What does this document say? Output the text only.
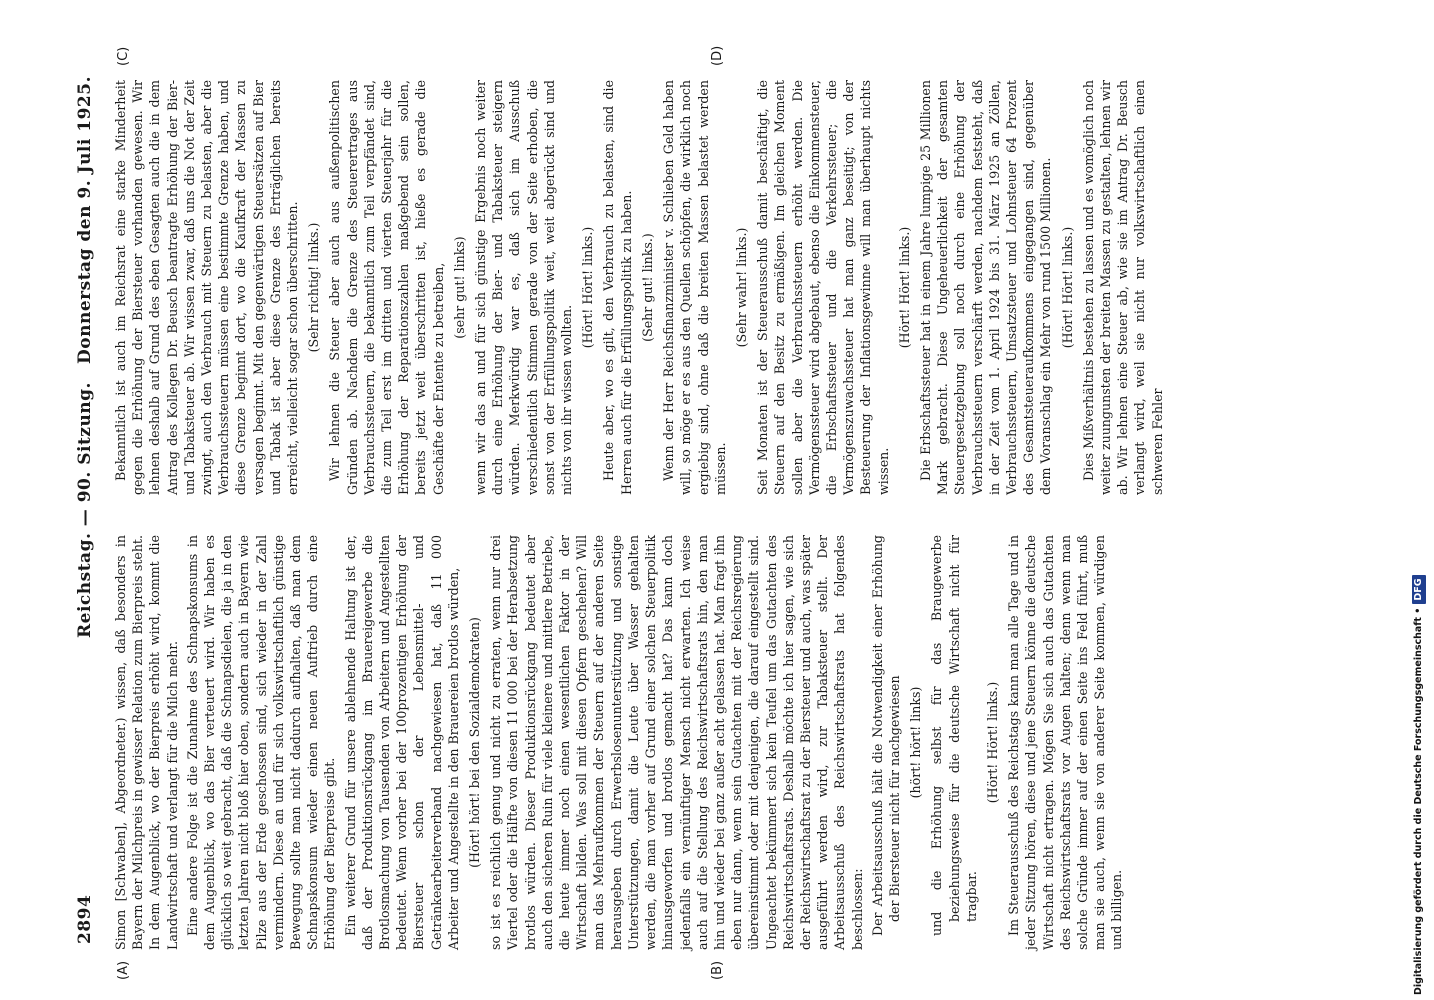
2894
Reichstag. — 90. Sitzung.
Donnerstag den 9. Juli 1925.
(A)	(B)
(C)	(D)

Simon [Schwaben], Abgeordneter.) wissen, daß besonders in Bayern der Milchpreis in gewisser Relation zum Bierpreis steht. In dem Augenblick, wo der Bierpreis erhöht wird, kommt die Landwirtschaft und verlangt für die Milch mehr. Eine andere Folge ist die Zunahme des Schnapskonsums in dem Augenblick, wo das Bier verteuert wird. Wir haben es glücklich so weit gebracht, daß die Schnapsdielen, die ja in den letzten Jahren nicht bloß hier oben, sondern auch in Bayern wie Pilze aus der Erde geschossen sind, sich wieder in der Zahl vermindern. Diese an und für sich volkswirtschaftlich günstige Bewegung sollte man nicht dadurch aufhalten, daß man dem Schnapskonsum wieder einen neuen Auftrieb durch eine Erhöhung der Bierpreise gibt. Ein weiterer Grund für unsere ablehnende Haltung ist der, daß der Produktionsrückgang im Brauereigewerbe die Brotlosmachung von Tausenden von Arbeitern und Angestellten bedeutet. Wenn vorher bei der 100prozentigen Erhöhung der Biersteuer schon der Lebensmittel- und Getränkearbeiterverband nachgewiesen hat, daß 11 000 Arbeiter und Angestellte in den Brauereien brotlos würden, (Hört! hört! bei den Sozialdemokraten) so ist es reichlich genug und nicht zu erraten, wenn nur drei Viertel oder die Hälfte von diesen 11 000 bei der Herabsetzung brotlos würden. Dieser Produktionsrückgang bedeutet aber auch den sicheren Ruin für viele kleinere und mittlere Betriebe, die heute immer noch einen wesentlichen Faktor in der Wirtschaft bilden. Was soll mit diesen Opfern geschehen? Will man das Mehraufkommen der Steuern auf der anderen Seite herausgeben durch Erwerbslosenunterstützung und sonstige Unterstützungen, damit die Leute über Wasser gehalten werden, die man vorher auf Grund einer solchen Steuerpolitik hinausgeworfen und brotlos gemacht hat? Das kann doch jedenfalls ein vernünftiger Mensch nicht erwarten. Ich weise auch auf die Stellung des Reichswirtschaftsrats hin, den man hin und wieder bei ganz außer acht gelassen hat. Man fragt ihn eben nur dann, wenn sein Gutachten mit der Reichsregierung übereinstimmt oder mit denjenigen, die darauf eingestellt sind. Ungeachtet bekümmert sich kein Teufel um das Gutachten des Reichswirtschaftsrats. Deshalb möchte ich hier sagen, wie sich der Reichswirtschaftsrat zu der Biersteuer und auch, was später ausgeführt werden wird, zur Tabaksteuer stellt. Der Arbeitsausschuß des Reichswirtschaftsrats hat folgendes beschlossen: Der Arbeitsausschuß hält die Notwendigkeit einer Erhöhung der Biersteuer nicht für nachgewiesen (hört! hört! links) und die Erhöhung selbst für das Braugewerbe beziehungsweise für die deutsche Wirtschaft nicht für tragbar.

(Hört! Hört! links.) Im Steuerausschuß des Reichstags kann man alle Tage und in jeder Sitzung hören, diese und jene Steuern könne die deutsche Wirtschaft nicht ertragen. Mögen Sie sich auch das Gutachten des Reichswirtschaftsrats vor Augen halten; denn wenn man solche Gründe immer auf der einen Seite ins Feld führt, muß man sie auch, wenn sie von anderer Seite kommen, würdigen und billigen.

Bekanntlich ist auch im Reichsrat eine starke Minderheit gegen die Erhöhung der Biersteuer vorhanden gewesen. Wir lehnen deshalb auf Grund des eben Gesagten auch die in dem Antrag des Kollegen Dr. Beusch beantragte Erhöhung der Bier- und Tabaksteuer ab. Wir wissen zwar, daß uns die Not der Zeit zwingt, auch den Verbrauch mit Steuern zu belasten, aber die Verbrauchssteuern müssen eine bestimmte Grenze haben, und diese Grenze beginnt dort, wo die Kaufkraft der Massen zu versagen beginnt. Mit den gegenwärtigen Steuersätzen auf Bier und Tabak ist aber diese Grenze des Erträglichen bereits erreicht, vielleicht sogar schon überschritten. (Sehr richtig! links.) Wir lehnen die Steuer aber auch aus außenpolitischen Gründen ab. Nachdem die Grenze des Steuerertrages aus Verbrauchssteuern, die bekanntlich zum Teil verpfändet sind, die zum Teil erst im dritten und vierten Steuerjahr für die Erhöhung der Reparationszahlen maßgebend sein sollen, bereits jetzt weit überschritten ist, hieße es gerade die Geschäfte der Entente zu betreiben, (sehr gut! links) wenn wir das an und für sich günstige Ergebnis noch weiter durch eine Erhöhung der Bier- und Tabaksteuer steigern würden. Merkwürdig war es, daß sich im Ausschuß verschiedentlich Stimmen gerade von der Seite erhoben, die sonst von der Erfüllungspolitik weit, weit abgerückt sind und nichts von ihr wissen wollten.

(Hört! Hört! links.) Heute aber, wo es gilt, den Verbrauch zu belasten, sind die Herren auch für die Erfüllungspolitik zu haben. (Sehr gut! links.) Wenn der Herr Reichsfinanzminister v. Schlieben Geld haben will, so möge er es aus den Quellen schöpfen, die wirklich noch ergiebig sind, ohne daß die breiten Massen belastet werden müssen.

(Sehr wahr! links.) Seit Monaten ist der Steuerausschuß damit beschäftigt, die Steuern auf den Besitz zu ermäßigen. Im gleichen Moment sollen aber die Verbrauchssteuern erhöht werden. Die Vermögenssteuer wird abgebaut, ebenso die Einkommensteuer, die Erbschaftssteuer und die Verkehrssteuer; die Vermögenszuwachssteuer hat man ganz beseitigt; von der Besteuerung der Inflationsgewinne will man überhaupt nichts wissen.

(Hört! Hört! links.) Die Erbschaftssteuer hat in einem Jahre lumpige 25 Millionen Mark gebracht. Diese Ungeheuerlichkeit der gesamten Steuergesetzgebung soll noch durch eine Erhöhung der Verbrauchssteuern verschärft werden, nachdem feststeht, daß in der Zeit vom 1. April 1924 bis 31. März 1925 an Zöllen, Verbrauchssteuern, Umsatzsteuer und Lohnsteuer 64 Prozent des Gesamtsteueraufkommens eingegangen sind, gegenüber dem Voranschlag ein Mehr von rund 1500 Millionen. (Hört! Hört! links.) Dies Mißverhältnis bestehen zu lassen und es womöglich noch weiter zuungunsten der breiten Massen zu gestalten, lehnen wir ab. Wir lehnen eine Steuer ab, wie sie im Antrag Dr. Beusch verlangt wird, weil sie nicht nur volkswirtschaftlich einen schweren Fehler

Digitalisierung gefördert durch die Deutsche Forschungsgemeinschaft •DFG
